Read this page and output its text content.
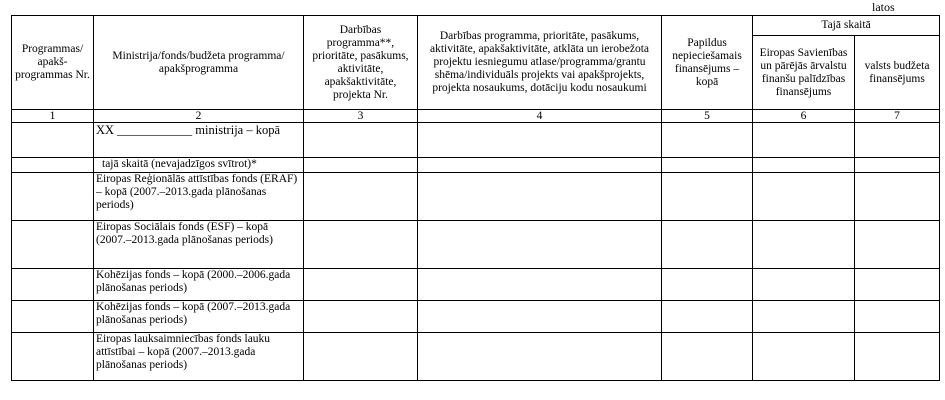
latos
Programmas/ apakš-programmas Nr.	Ministrija/fonds/budžeta programma/ apakšprogramma	Darbības programma**, prioritāte, pasākums, aktivitāte, apakšaktivitāte, projekta Nr.	Darbības programma, prioritāte, pasākums, aktivitāte, apakšaktivitāte, atklāta un ierobežota projektu iesniegumu atlase/programma/grantu shēma/individuāls projekts vai apakšprojekts, projekta nosaukums, dotāciju kodu nosaukumi	Papildus nepieciešamais finansējums – kopā	Tajā skaitā	
					Eiropas Savienības un pārējās ārvalstu finanšu palīdzības finansējums	valsts budžeta finansējums
1	2	3	4	5	6	7
	XX ____________ ministrija – kopā					
	tajā skaitā (nevajadzīgos svītrot)*					
	Eiropas Reģionālās attīstības fonds (ERAF) – kopā (2007.–2013.gada plānošanas periods)					
	Eiropas Sociālais fonds (ESF) – kopā (2007.–2013.gada plānošanas periods)					
	Kohēzijas fonds – kopā (2000.–2006.gada plānošanas periods)					
	Kohēzijas fonds – kopā (2007.–2013.gada plānošanas periods)					
	Eiropas lauksaimniecības fonds lauku attīstībai – kopā (2007.–2013.gada plānošanas periods)					
